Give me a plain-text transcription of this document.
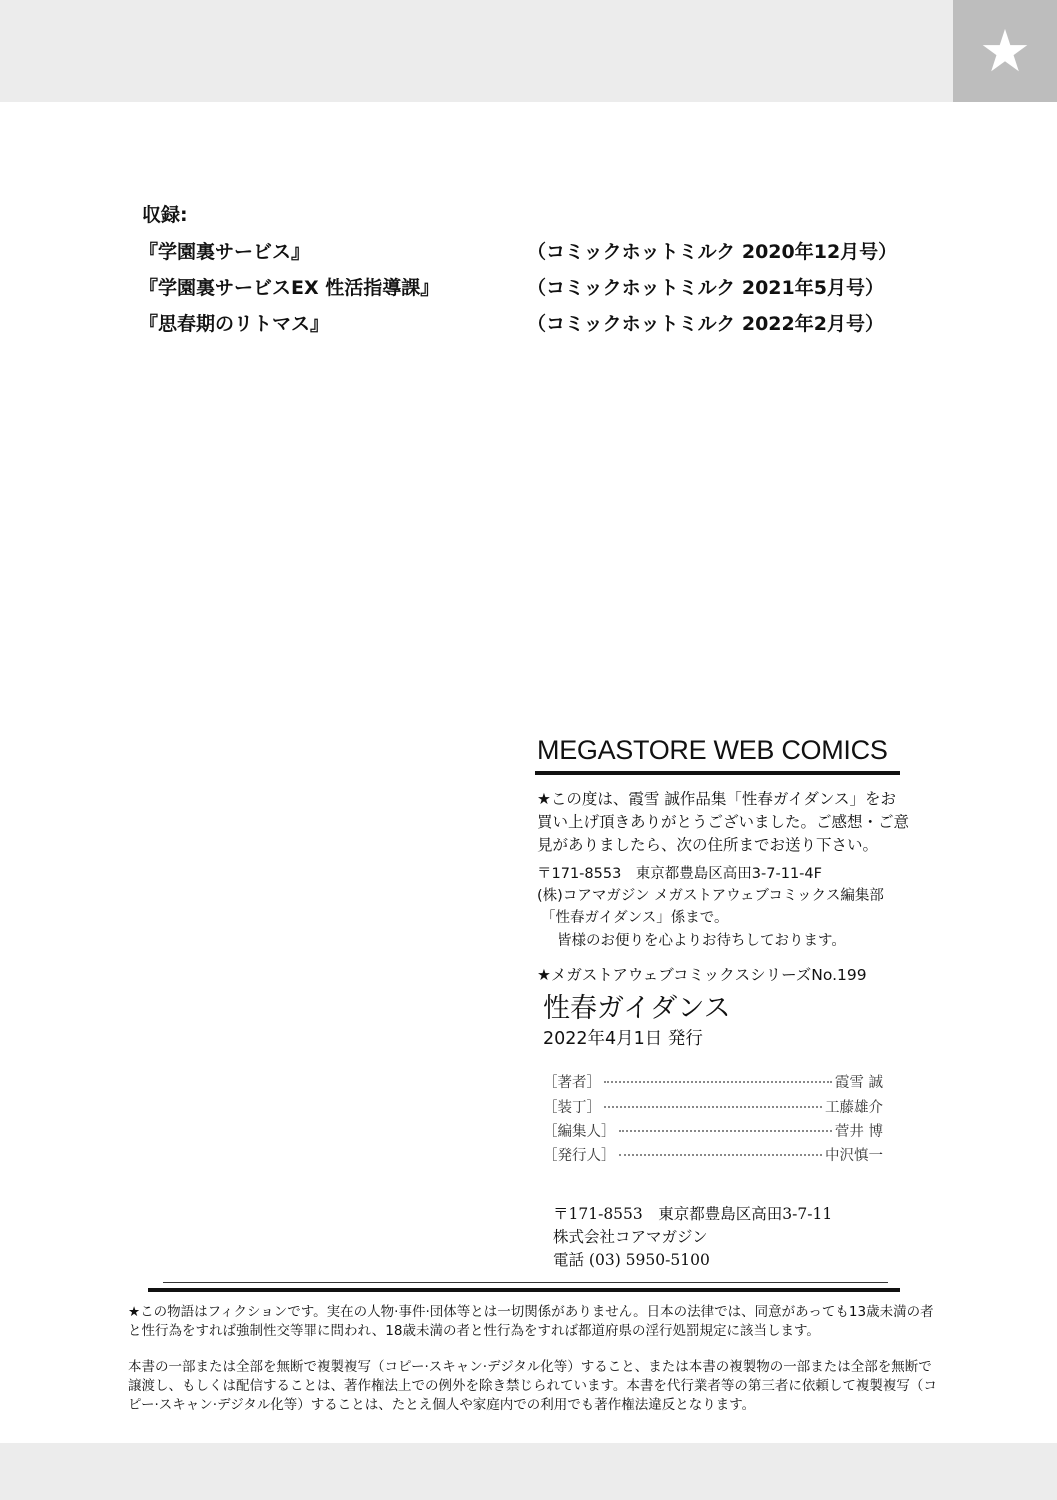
★
収録:
『学園裏サービス』	（コミックホットミルク 2020年12月号）
『学園裏サービスEX 性活指導課』	（コミックホットミルク 2021年5月号）
『思春期のリトマス』	（コミックホットミルク 2022年2月号）
MEGASTORE WEB COMICS
★この度は、霞雪 誠作品集「性春ガイダンス」をお買い上げ頂きありがとうございました。ご感想・ご意見がありましたら、次の住所までお送り下さい。
〒171-8553　東京都豊島区高田3-7-11-4F
(株)コアマガジン メガストアウェブコミックス編集部
「性春ガイダンス」係まで。
皆様のお便りを心よりお待ちしております。
★メガストアウェブコミックスシリーズNo.199
性春ガイダンス
2022年4月1日 発行
［著者］	霞雪 誠
［装丁］	工藤雄介
［編集人］	菅井 博
［発行人］	中沢慎一
〒171-8553　東京都豊島区高田3-7-11
株式会社コアマガジン
電話 (03) 5950-5100
★この物語はフィクションです。実在の人物·事件·団体等とは一切関係がありません。日本の法律では、同意があっても13歳未満の者と性行為をすれば強制性交等罪に問われ、18歳未満の者と性行為をすれば都道府県の淫行処罰規定に該当します。
本書の一部または全部を無断で複製複写（コピー·スキャン·デジタル化等）すること、または本書の複製物の一部または全部を無断で譲渡し、もしくは配信することは、著作権法上での例外を除き禁じられています。本書を代行業者等の第三者に依頼して複製複写（コピー·スキャン·デジタル化等）することは、たとえ個人や家庭内での利用でも著作権法違反となります。
